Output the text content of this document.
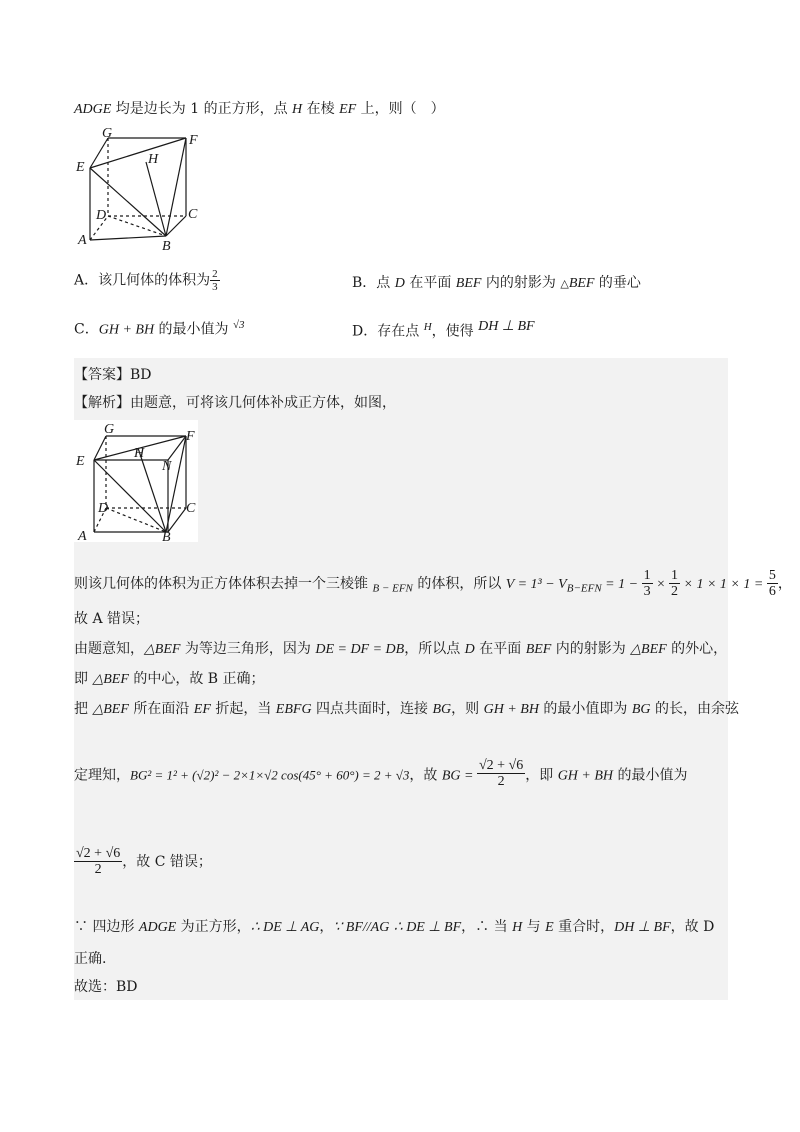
ADGE 均是边长为 1 的正方形，点 H 在棱 EF 上，则（　）
G	F
E
H
D	C
A	B
A．该几何体的体积为 $\frac{2}{3}$	B．点 D 在平面 BEF 内的射影为 △BEF 的垂心
C．GH + BH 的最小值为 $^{√3}$	D．存在点 $^H$，使得 DH ⊥ BF
【答案】BD
【解析】由题意，可将该几何体补成正方体，如图，
G	F
E
H
N
D	C
A	B
则该几何体的体积为正方体体积去掉一个三棱锥 $_{B - EFN}$ 的体积，所以 $V = 1^3 - V_{B-EFN} = 1 - \frac{1}{3} \times \frac{1}{2} \times 1 \times 1 \times 1 = \frac{5}{6}$ ，
故 A 错误；
由题意知，△BEF 为等边三角形，因为 DE = DF = DB，所以点 D 在平面 BEF 内的射影为 △BEF 的外心，
即 △BEF 的中心，故 B 正确；
把 △BEF 所在面沿 EF 折起，当 EBFG 四点共面时，连接 BG，则 GH + BH 的最小值即为 BG 的长，由余弦
定理知，BG² = 1² + (√2)² − 2×1×√2 cos(45° + 60°) = 2 + √3，故 BG = $\frac{√2 + √6}{2}$ ，即 GH + BH 的最小值为
$\frac{√2 + √6}{2}$ ，故 C 错误；
∵ 四边形 ADGE 为正方形，∴ DE ⊥ AG，∵ BF//AG ∴ DE ⊥ BF，∴ 当 H 与 E 重合时，DH ⊥ BF，故 D
正确.
故选：BD
